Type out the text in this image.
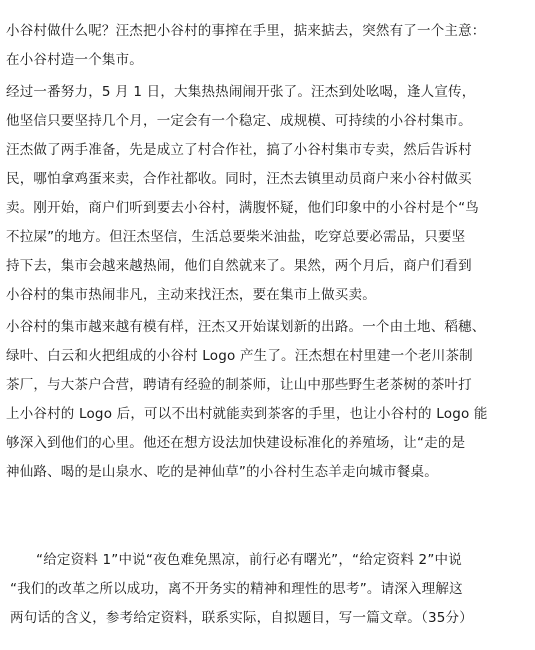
小谷村做什么呢？汪杰把小谷村的事搾在手里，掂来掂去，突然有了一个主意：
在小谷村造一个集市。
经过一番努力，5 月 1 日，大集热热闹闹开张了。汪杰到处吆喝，逢人宣传，
他坚信只要坚持几个月，一定会有一个稳定、成规模、可持续的小谷村集市。
汪杰做了两手准备，先是成立了村合作社，搞了小谷村集市专卖，然后告诉村
民，哪怕拿鸡蛋来卖，合作社都收。同时，汪杰去镇里动员商户来小谷村做买
卖。刚开始，商户们听到要去小谷村，满腹怀疑，他们印象中的小谷村是个“鸟
不拉屎”的地方。但汪杰坚信，生活总要柴米油盐，吃穿总要必需品，只要坚
持下去，集市会越来越热闹，他们自然就来了。果然，两个月后，商户们看到
小谷村的集市热闹非凡，主动来找汪杰，要在集市上做买卖。
小谷村的集市越来越有模有样，汪杰又开始谋划新的出路。一个由土地、稻穗、
绿叶、白云和火把组成的小谷村 Logo 产生了。汪杰想在村里建一个老川茶制
茶厂，与大茶户合营，聘请有经验的制茶师，让山中那些野生老茶树的茶叶打
上小谷村的 Logo 后，可以不出村就能卖到茶客的手里，也让小谷村的 Logo 能
够深入到他们的心里。他还在想方设法加快建设标准化的养殖场，让“走的是
神仙路、喝的是山泉水、吃的是神仙草”的小谷村生态羊走向城市餐桌。
“给定资料 1”中说“夜色难免黑凉，前行必有曙光”，“给定资料 2”中说
“我们的改革之所以成功，离不开务实的精神和理性的思考”。请深入理解这
两句话的含义，参考给定资料，联系实际，自拟题目，写一篇文章。（35分）
